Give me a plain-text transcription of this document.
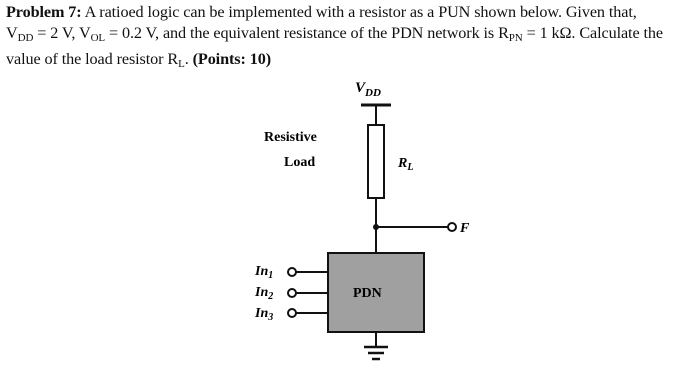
Problem 7: A ratioed logic can be implemented with a resistor as a PUN shown below. Given that,
$V_{DD} = 2$ V, $V_{OL} = 0.2$ V, and the equivalent resistance of the PDN network is $R_{PN} = 1$ kΩ. Calculate the
value of the load resistor $R_L$. (Points: 10)
$V_{DD}$
$R_L$
Resistive
Load
F
PDN
$In_1$
$In_2$
$In_3$
